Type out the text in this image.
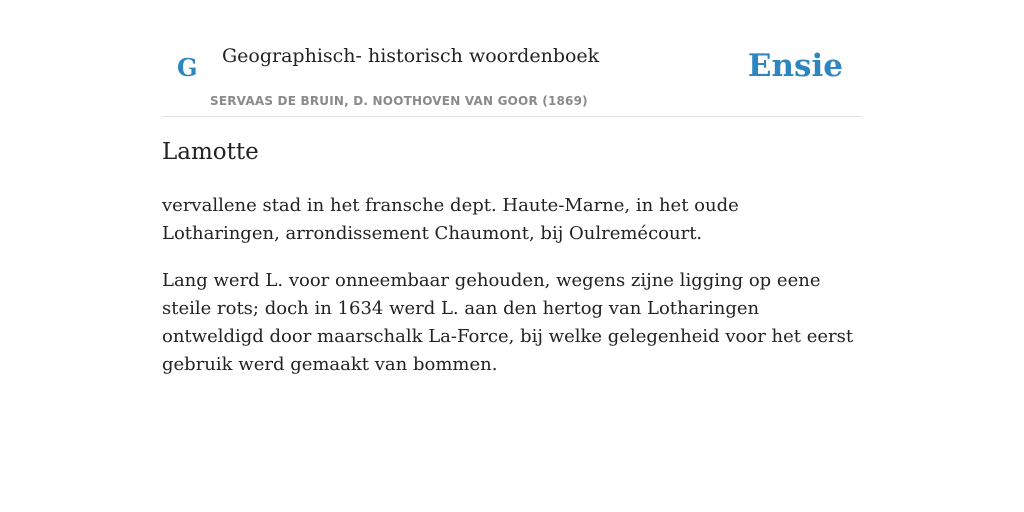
G Geographisch- historisch woordenboek
SERVAAS DE BRUIN, D. NOOTHOVEN VAN GOOR (1869)
Ensie
Lamotte

vervallene stad in het fransche dept. Haute-Marne, in het oude Lotharingen, arrondissement Chaumont, bij Oulremécourt.

Lang werd L. voor onneembaar gehouden, wegens zijne ligging op eene steile rots; doch in 1634 werd L. aan den hertog van Lotharingen ontweldigd door maarschalk La-Force, bij welke gelegenheid voor het eerst gebruik werd gemaakt van bommen.
